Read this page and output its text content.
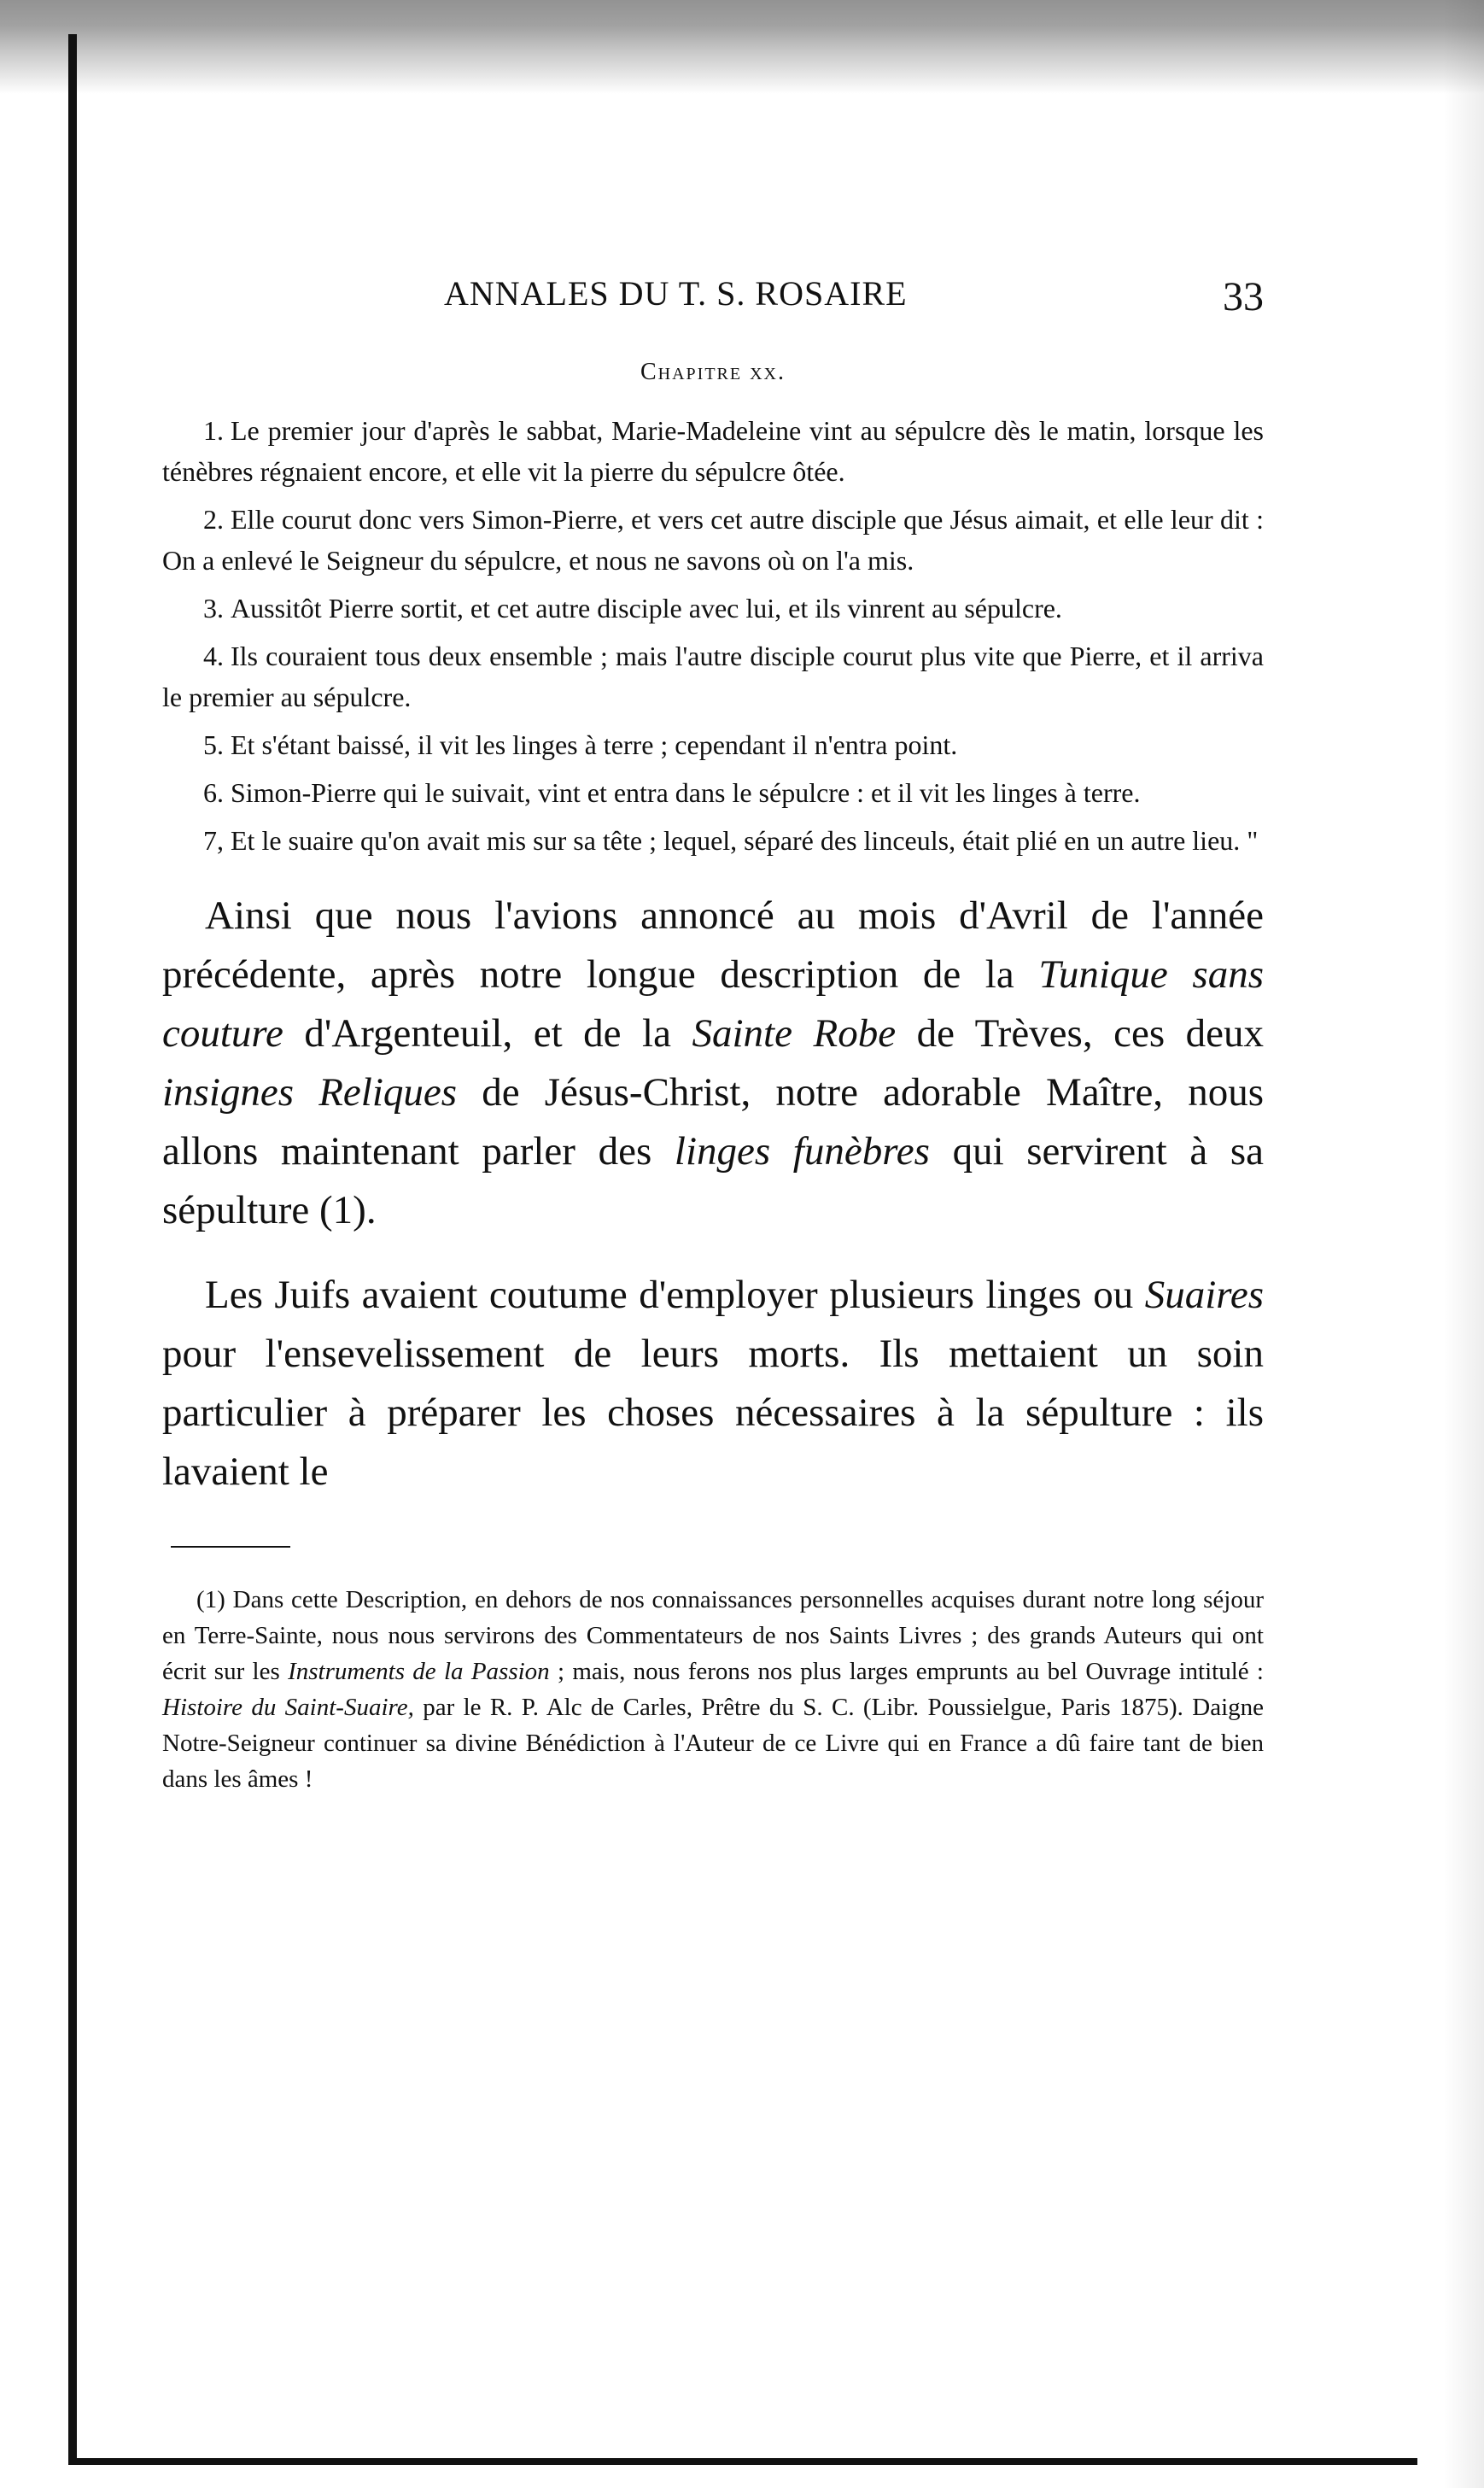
ANNALES DU T. S. ROSAIRE	33
Chapitre xx.

1. Le premier jour d'après le sabbat, Marie-Madeleine vint au sépulcre dès le matin, lorsque les ténèbres régnaient encore, et elle vit la pierre du sépulcre ôtée.

2. Elle courut donc vers Simon-Pierre, et vers cet autre disciple que Jésus aimait, et elle leur dit : On a enlevé le Seigneur du sépulcre, et nous ne savons où on l'a mis.

3. Aussitôt Pierre sortit, et cet autre disciple avec lui, et ils vinrent au sépulcre.

4. Ils couraient tous deux ensemble ; mais l'autre disciple courut plus vite que Pierre, et il arriva le premier au sépulcre.

5. Et s'étant baissé, il vit les linges à terre ; cependant il n'entra point.

6. Simon-Pierre qui le suivait, vint et entra dans le sépulcre : et il vit les linges à terre.

7, Et le suaire qu'on avait mis sur sa tête ; lequel, séparé des linceuls, était plié en un autre lieu. "

Ainsi que nous l'avions annoncé au mois d'Avril de l'année précédente, après notre longue description de la Tunique sans couture d'Argenteuil, et de la Sainte Robe de Trèves, ces deux insignes Reliques de Jésus-Christ, notre adorable Maître, nous allons maintenant parler des linges funèbres qui servirent à sa sépulture (1).

Les Juifs avaient coutume d'employer plusieurs linges ou Suaires pour l'ensevelissement de leurs morts. Ils mettaient un soin particulier à préparer les choses nécessaires à la sépulture : ils lavaient le

(1) Dans cette Description, en dehors de nos connaissances personnelles acquises durant notre long séjour en Terre-Sainte, nous nous servirons des Commentateurs de nos Saints Livres ; des grands Auteurs qui ont écrit sur les Instruments de la Passion ; mais, nous ferons nos plus larges emprunts au bel Ouvrage intitulé : Histoire du Saint-Suaire, par le R. P. Alc de Carles, Prêtre du S. C. (Libr. Poussielgue, Paris 1875). Daigne Notre-Seigneur continuer sa divine Bénédiction à l'Auteur de ce Livre qui en France a dû faire tant de bien dans les âmes !
